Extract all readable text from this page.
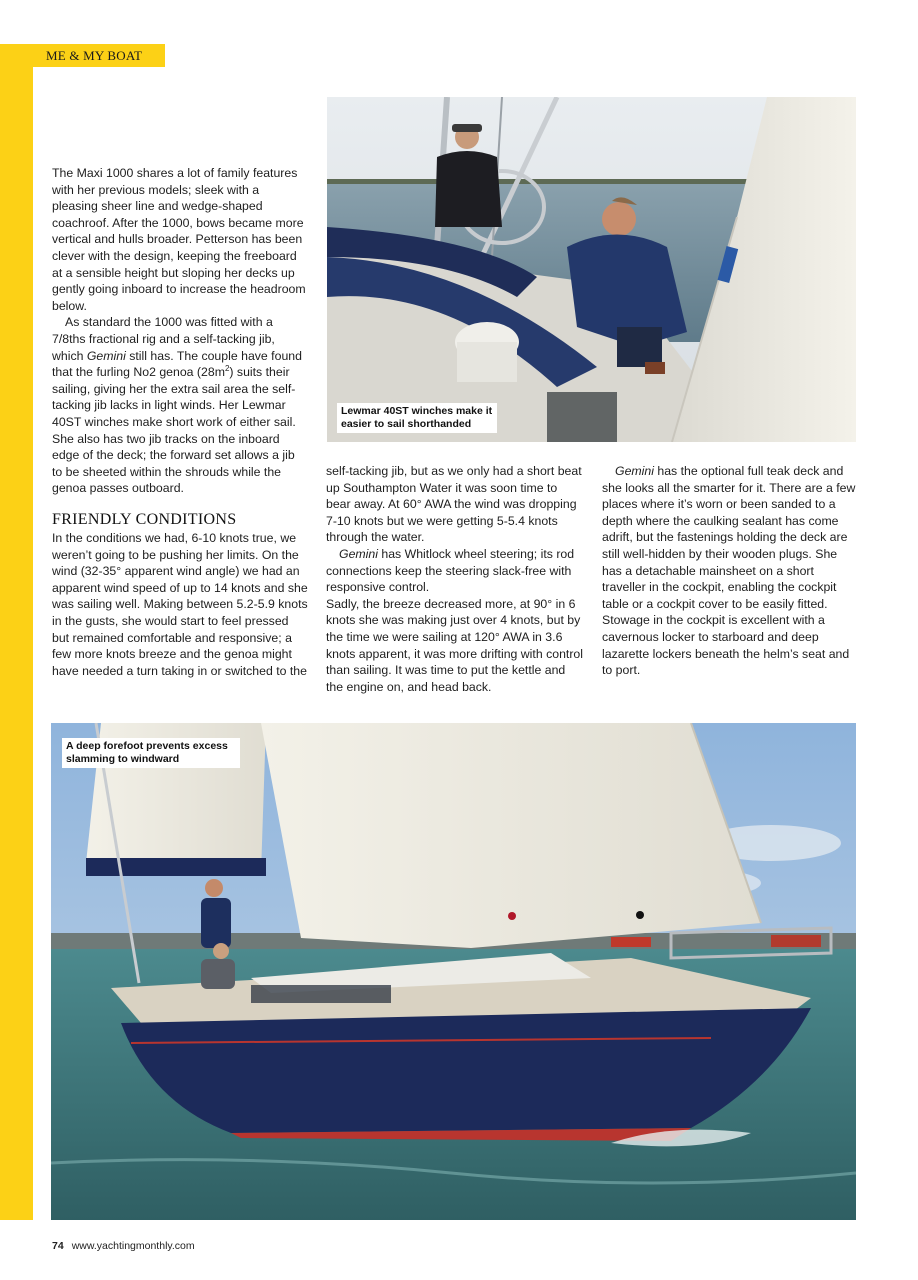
ME & MY BOAT
Lewmar 40ST winches make it easier to sail shorthanded

The Maxi 1000 shares a lot of family features with her previous models; sleek with a pleasing sheer line and wedge-shaped coachroof. After the 1000, bows became more vertical and hulls broader. Petterson has been clever with the design, keeping the freeboard at a sensible height but sloping her decks up gently going inboard to increase the headroom below.

As standard the 1000 was fitted with a 7/8ths fractional rig and a self-tacking jib, which Gemini still has. The couple have found that the furling No2 genoa $(28m^2)$ suits their sailing, giving her the extra sail area the self-tacking jib lacks in light winds. Her Lewmar 40ST winches make short work of either sail. She also has two jib tracks on the inboard edge of the deck; the forward set allows a jib to be sheeted within the shrouds while the genoa passes outboard.

FRIENDLY CONDITIONS

In the conditions we had, 6-10 knots true, we weren’t going to be pushing her limits. On the wind (32-35° apparent wind angle) we had an apparent wind speed of up to 14 knots and she was sailing well. Making between 5.2-5.9 knots in the gusts, she would start to feel pressed but remained comfortable and responsive; a few more knots breeze and the genoa might have needed a turn taking in or switched to the

self-tacking jib, but as we only had a short beat up Southampton Water it was soon time to bear away. At 60° AWA the wind was dropping 7-10 knots but we were getting 5-5.4 knots through the water.

Gemini has Whitlock wheel steering; its rod connections keep the steering slack-free with responsive control.

Sadly, the breeze decreased more, at 90° in 6 knots she was making just over 4 knots, but by the time we were sailing at 120° AWA in 3.6 knots apparent, it was more drifting with control than sailing. It was time to put the kettle and the engine on, and head back.

Gemini has the optional full teak deck and she looks all the smarter for it. There are a few places where it’s worn or been sanded to a depth where the caulking sealant has come adrift, but the fastenings holding the deck are still well-hidden by their wooden plugs. She has a detachable mainsheet on a short traveller in the cockpit, enabling the cockpit table or a cockpit cover to be easily fitted. Stowage in the cockpit is excellent with a cavernous locker to starboard and deep lazarette lockers beneath the helm’s seat and to port.

A deep forefoot prevents excess slamming to windward
74 www.yachtingmonthly.com
